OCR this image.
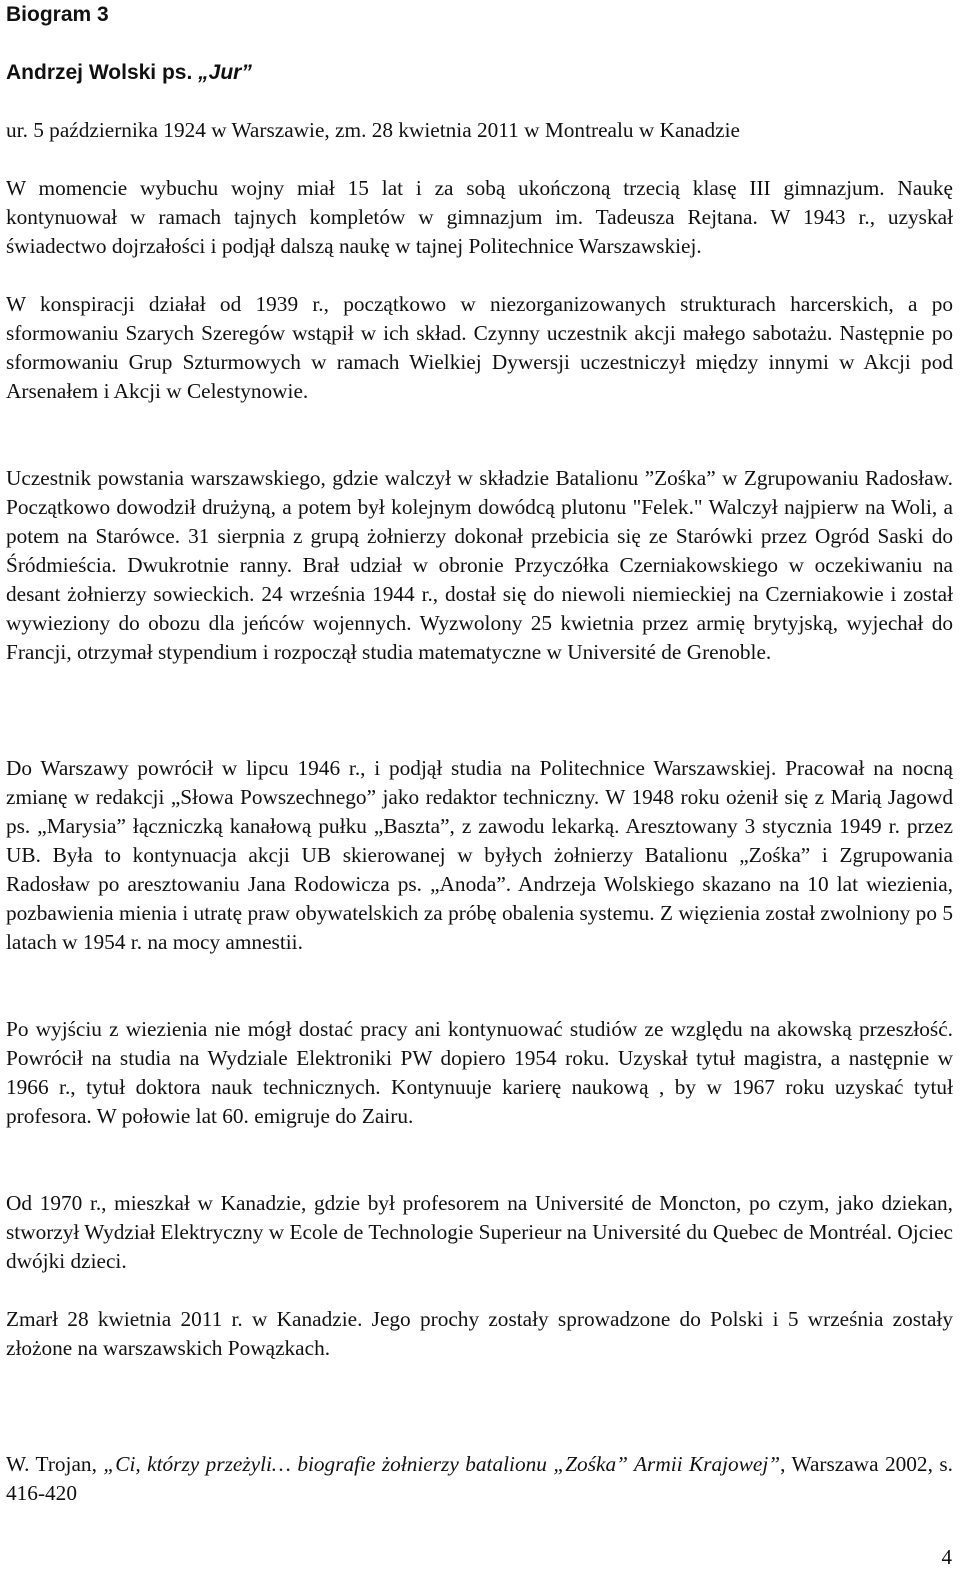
Biogram 3
Andrzej Wolski ps. „Jur”

ur. 5 października 1924 w Warszawie, zm. 28 kwietnia 2011 w Montrealu w Kanadzie

W momencie wybuchu wojny miał 15 lat i za sobą ukończoną trzecią klasę III gimnazjum. Naukę kontynuował w ramach tajnych kompletów w gimnazjum im. Tadeusza Rejtana. W 1943 r., uzyskał świadectwo dojrzałości i podjął dalszą naukę w tajnej Politechnice Warszawskiej.

W konspiracji działał od 1939 r., początkowo w niezorganizowanych strukturach harcerskich, a po sformowaniu Szarych Szeregów wstąpił w ich skład. Czynny uczestnik akcji małego sabotażu. Następnie po sformowaniu Grup Szturmowych w ramach Wielkiej Dywersji uczestniczył między innymi w Akcji pod Arsenałem i Akcji w Celestynowie.

Uczestnik powstania warszawskiego, gdzie walczył w składzie Batalionu ”Zośka” w Zgrupowaniu Radosław. Początkowo dowodził drużyną, a potem był kolejnym dowódcą plutonu "Felek." Walczył najpierw na Woli, a potem na Starówce. 31 sierpnia z grupą żołnierzy dokonał przebicia się ze Starówki przez Ogród Saski do Śródmieścia. Dwukrotnie ranny. Brał udział w obronie Przyczółka Czerniakowskiego w oczekiwaniu na desant żołnierzy sowieckich. 24 września 1944 r., dostał się do niewoli niemieckiej na Czerniakowie i został wywieziony do obozu dla jeńców wojennych. Wyzwolony 25 kwietnia przez armię brytyjską, wyjechał do Francji, otrzymał stypendium i rozpoczął studia matematyczne w Université de Grenoble.

Do Warszawy powrócił w lipcu 1946 r., i podjął studia na Politechnice Warszawskiej. Pracował na nocną zmianę w redakcji „Słowa Powszechnego” jako redaktor techniczny. W 1948 roku ożenił się z Marią Jagowd ps. „Marysia” łączniczką kanałową pułku „Baszta”, z zawodu lekarką. Aresztowany 3 stycznia 1949 r. przez UB. Była to kontynuacja akcji UB skierowanej w byłych żołnierzy Batalionu „Zośka” i Zgrupowania Radosław po aresztowaniu Jana Rodowicza ps. „Anoda”. Andrzeja Wolskiego skazano na 10 lat wiezienia, pozbawienia mienia i utratę praw obywatelskich za próbę obalenia systemu. Z więzienia został zwolniony po 5 latach w 1954 r. na mocy amnestii.

Po wyjściu z wiezienia nie mógł dostać pracy ani kontynuować studiów ze względu na akowską przeszłość. Powrócił na studia na Wydziale Elektroniki PW dopiero 1954 roku. Uzyskał tytuł magistra, a następnie w 1966 r., tytuł doktora nauk technicznych. Kontynuuje karierę naukową , by w 1967 roku uzyskać tytuł profesora. W połowie lat 60. emigruje do Zairu.

Od 1970 r., mieszkał w Kanadzie, gdzie był profesorem na Université de Moncton, po czym, jako dziekan, stworzył Wydział Elektryczny w Ecole de Technologie Superieur na Université du Quebec de Montréal. Ojciec dwójki dzieci.

Zmarł 28 kwietnia 2011 r. w Kanadzie. Jego prochy zostały sprowadzone do Polski i 5 września zostały złożone na warszawskich Powązkach.

W. Trojan, „Ci, którzy przeżyli… biografie żołnierzy batalionu „Zośka” Armii Krajowej”, Warszawa 2002, s. 416-420

4
